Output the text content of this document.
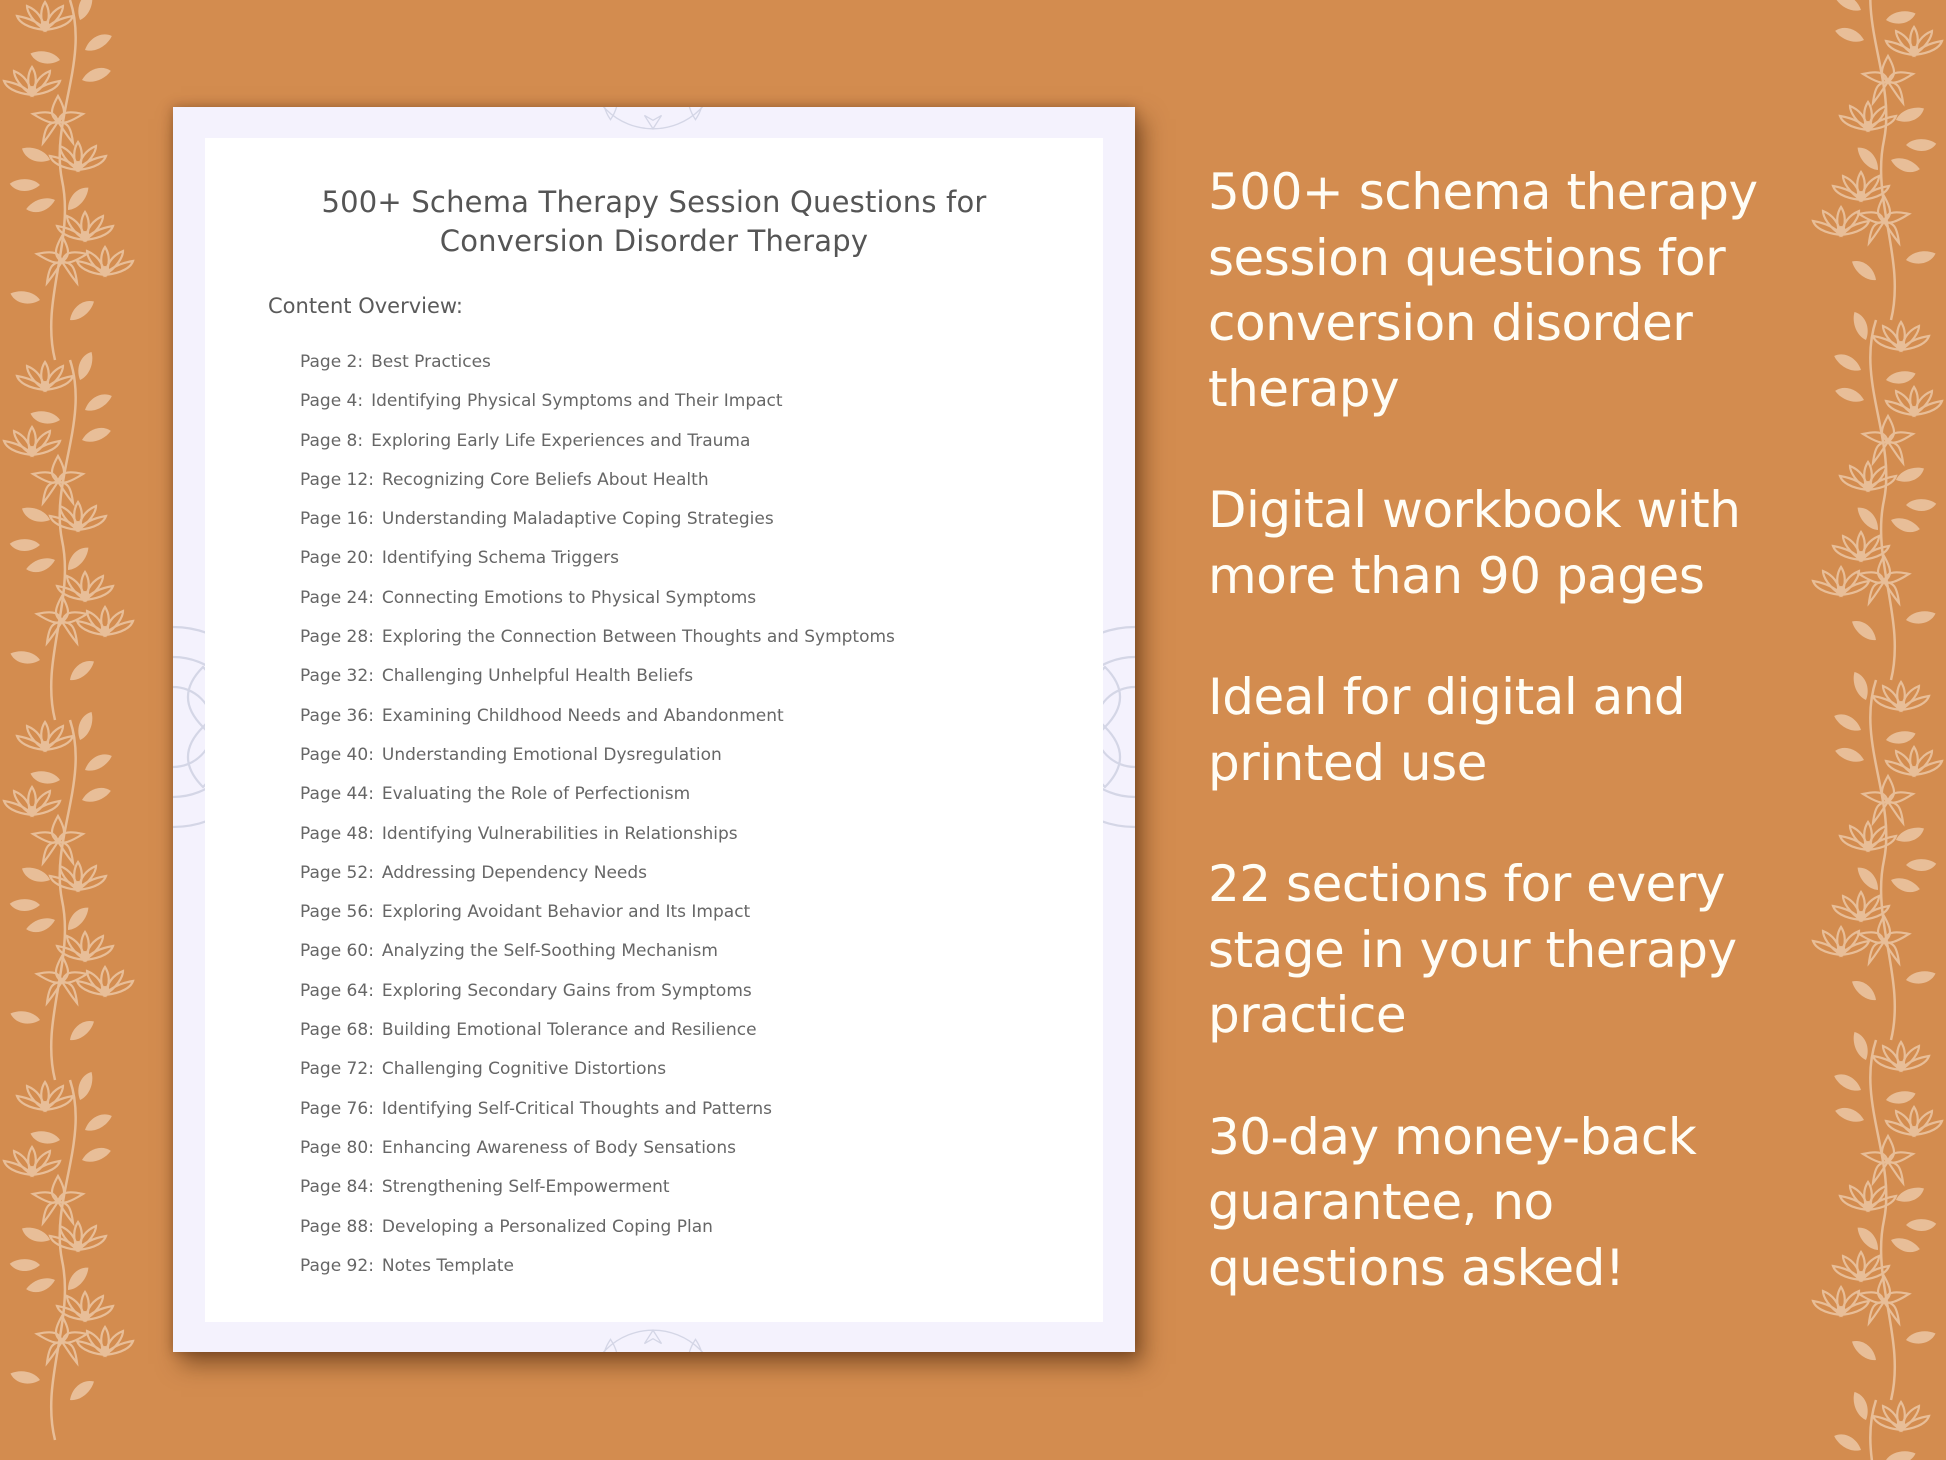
500+ Schema Therapy Session Questions for
Conversion Disorder Therapy
Content Overview:
Page 2: Best Practices
Page 4: Identifying Physical Symptoms and Their Impact
Page 8: Exploring Early Life Experiences and Trauma
Page 12: Recognizing Core Beliefs About Health
Page 16: Understanding Maladaptive Coping Strategies
Page 20: Identifying Schema Triggers
Page 24: Connecting Emotions to Physical Symptoms
Page 28: Exploring the Connection Between Thoughts and Symptoms
Page 32: Challenging Unhelpful Health Beliefs
Page 36: Examining Childhood Needs and Abandonment
Page 40: Understanding Emotional Dysregulation
Page 44: Evaluating the Role of Perfectionism
Page 48: Identifying Vulnerabilities in Relationships
Page 52: Addressing Dependency Needs
Page 56: Exploring Avoidant Behavior and Its Impact
Page 60: Analyzing the Self-Soothing Mechanism
Page 64: Exploring Secondary Gains from Symptoms
Page 68: Building Emotional Tolerance and Resilience
Page 72: Challenging Cognitive Distortions
Page 76: Identifying Self-Critical Thoughts and Patterns
Page 80: Enhancing Awareness of Body Sensations
Page 84: Strengthening Self-Empowerment
Page 88: Developing a Personalized Coping Plan
Page 92: Notes Template
500+ schema therapy
session questions for
conversion disorder
therapy
Digital workbook with
more than 90 pages
Ideal for digital and
printed use
22 sections for every
stage in your therapy
practice
30-day money-back
guarantee, no
questions asked!
